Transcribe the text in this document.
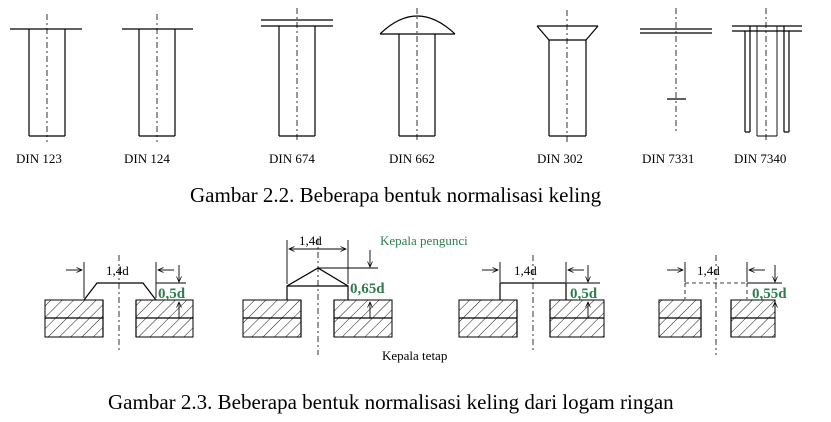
DIN 123	DIN 124	DIN 674	DIN 662	DIN 302	DIN 7331	DIN 7340
Gambar 2.2. Beberapa bentuk normalisasi keling
1,4d
0,5d
1,4d
0,65d
Kepala pengunci
Kepala tetap
1,4d
0,5d
1,4d
0,55d
Gambar 2.3. Beberapa bentuk normalisasi keling dari logam ringan
